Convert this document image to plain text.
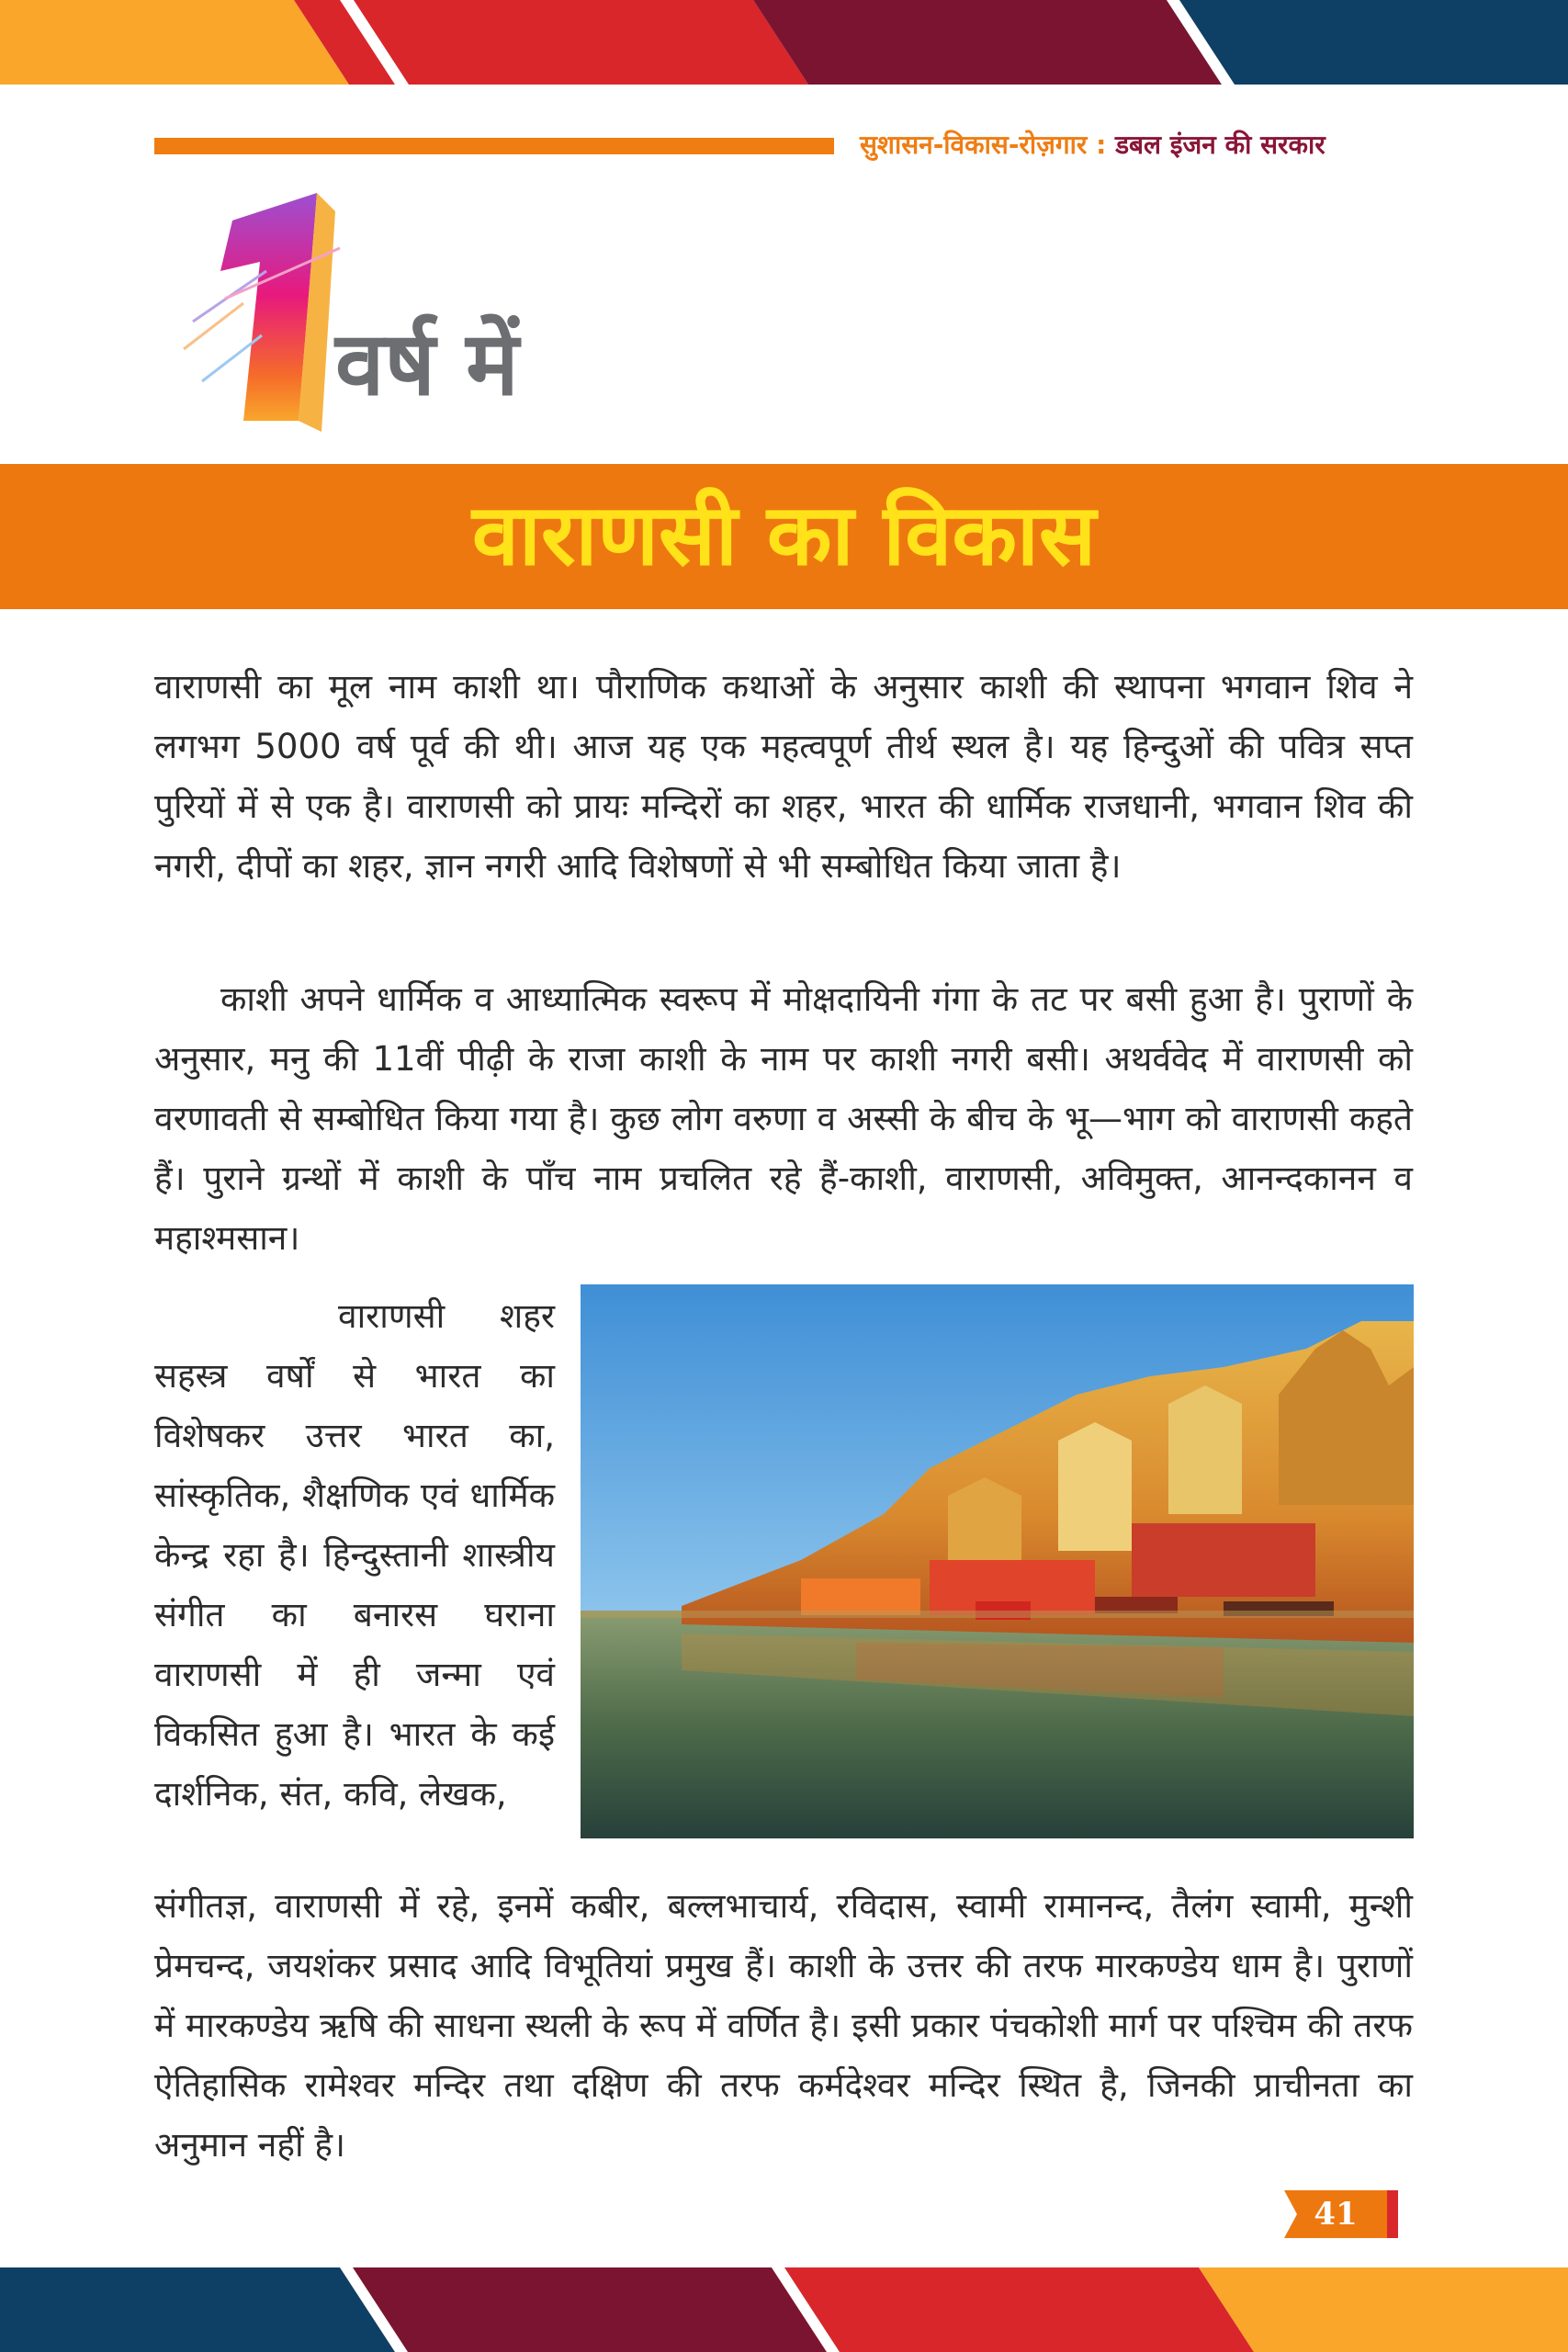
सुशासन-विकास-रोज़गार : डबल इंजन की सरकार
वर्ष में
वाराणसी का विकास

वाराणसी का मूल नाम काशी था। पौराणिक कथाओं के अनुसार काशी की स्थापना भगवान शिव ने लगभग 5000 वर्ष पूर्व की थी। आज यह एक महत्वपूर्ण तीर्थ स्थल है। यह हिन्दुओं की पवित्र सप्त पुरियों में से एक है। वाराणसी को प्रायः मन्दिरों का शहर, भारत की धार्मिक राजधानी, भगवान शिव की नगरी, दीपों का शहर, ज्ञान नगरी आदि विशेषणों से भी सम्बोधित किया जाता है।

काशी अपने धार्मिक व आध्यात्मिक स्वरूप में मोक्षदायिनी गंगा के तट पर बसी हुआ है। पुराणों के अनुसार, मनु की 11वीं पीढ़ी के राजा काशी के नाम पर काशी नगरी बसी। अथर्ववेद में वाराणसी को वरणावती से सम्बोधित किया गया है। कुछ लोग वरुणा व अस्सी के बीच के भू—भाग को वाराणसी कहते हैं। पुराने ग्रन्थों में काशी के पाँच नाम प्रचलित रहे हैं-काशी, वाराणसी, अविमुक्त, आनन्दकानन व महाश्मसान।

वाराणसी शहर सहस्त्र वर्षों से भारत का विशेषकर उत्तर भारत का, सांस्कृतिक, शैक्षणिक एवं धार्मिक केन्द्र रहा है। हिन्दुस्तानी शास्त्रीय संगीत का बनारस घराना वाराणसी में ही जन्मा एवं विकसित हुआ है। भारत के कई दार्शनिक, संत, कवि, लेखक,

संगीतज्ञ, वाराणसी में रहे, इनमें कबीर, बल्लभाचार्य, रविदास, स्वामी रामानन्द, तैलंग स्वामी, मुन्शी प्रेमचन्द, जयशंकर प्रसाद आदि विभूतियां प्रमुख हैं। काशी के उत्तर की तरफ मारकण्डेय धाम है। पुराणों में मारकण्डेय ऋषि की साधना स्थली के रूप में वर्णित है। इसी प्रकार पंचकोशी मार्ग पर पश्चिम की तरफ ऐतिहासिक रामेश्वर मन्दिर तथा दक्षिण की तरफ कर्मदेश्वर मन्दिर स्थित है, जिनकी प्राचीनता का अनुमान नहीं है।

41
